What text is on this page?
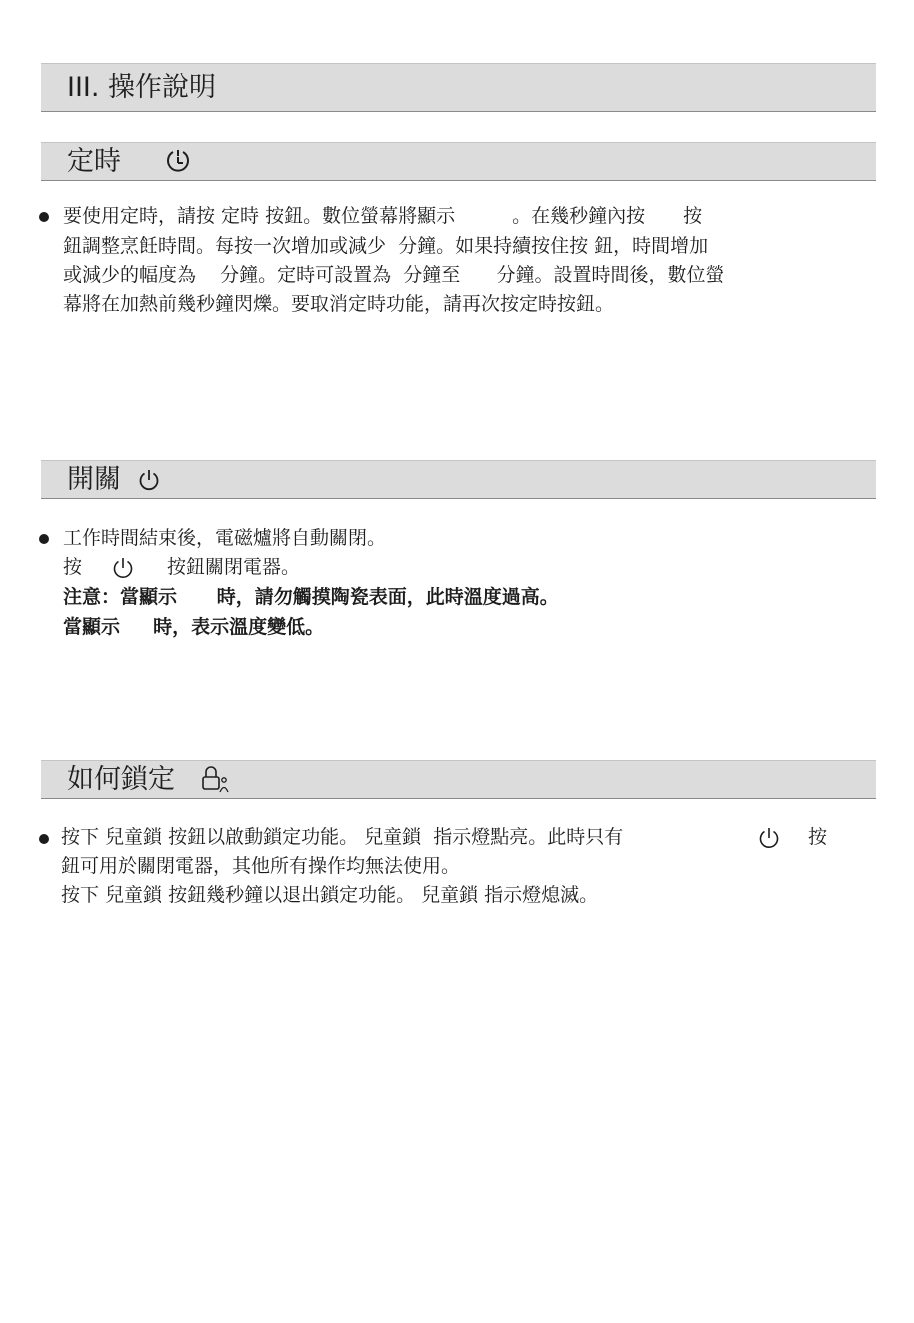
III. 操作說明
定時
要使用定時，請按 定時 按鈕。數位螢幕將顯示　　　。在幾秒鐘內按　　按
鈕調整烹飪時間。每按一次增加或減少  分鐘。如果持續按住按 鈕，時間增加
或減少的幅度為    分鐘。定時可設置為  分鐘至      分鐘。設置時間後，數位螢
幕將在加熱前幾秒鐘閃爍。要取消定時功能，請再次按定時按鈕。
開關
工作時間結束後，電磁爐將自動關閉。
按	按鈕關閉電器。
注意：當顯示      時，請勿觸摸陶瓷表面，此時溫度過高。
當顯示     時，表示溫度變低。
如何鎖定
按下 兒童鎖 按鈕以啟動鎖定功能。 兒童鎖  指示燈點亮。此時只有	按
鈕可用於關閉電器，其他所有操作均無法使用。
按下 兒童鎖 按鈕幾秒鐘以退出鎖定功能。 兒童鎖 指示燈熄滅。
